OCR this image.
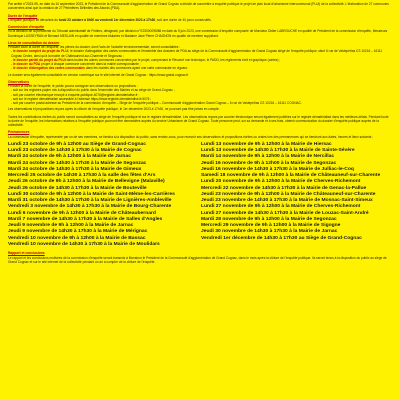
Par arrêté n°2023-95, en date du 10 septembre 2023, le Président de la Communauté d'agglomération de Grand Cognac a décidé de soumettre à enquête publique le projet de plan local d'urbanisme intercommunal (PLUi) de la collectivité. L'élaboration de 27 communes concernées ainsi que la création de 27 Périmètres Délimités des Abords (PDA).

Durée de l'enquête

L'enquête publique se déroulera du lundi 23 octobre à 8h00 au vendredi 1er décembre 2023 à 17h30, soit une durée de 40 jours consécutifs.

Commission d'enquête

Vu la décision de la présidente du Tribunal administratif de Poitiers, désignant, par décision n°E23000095/86 en date du 5 juin 2023, une commission d'enquête composée de Monsieur Didier LABROUCHE en qualité de Président de la commission d'enquête, Messieurs Dominique LUSSEYRAN et Bernard MESLAIN en qualité de membres titulaires et Madame Jane Pierre CHAGNON en qualité de membre suppléant.

Lieux de consultation du dossier

Pendant toute la durée de l'enquête, les pièces du dossier, dont l'avis de l'autorité environnementale, seront consultables :

- le dossier complet du projet du PLUi, le dossier d'abrogation des cartes communales et l'ensemble des dossiers de PDA au siège de la Communauté d'agglomération de Grand Cognac siège de l'enquête publique, situé 6 rue de Valdepeñas CS 10216 – 16111 Cognac Cedex, ainsi qu'à la mairie de Châteauneuf-sur-Charente et Segonzac ;
- le dossier partiel du projet du PLUi dans toutes les autres communes concernées par le projet, comprenant le Résumé non technique, le PADD, les règlements écrit et graphique (cartes) ;
- le dossier du PDA propre à chaque commune concernée dans la mairie correspondante ;
- le dossier d'abrogation des cartes communales dans les mairies des communes ayant une carte communale en vigueur.

Le dossier sera également consultable en version numérique sur le site internet de Grand Cognac : https://www.grand-cognac.fr

Observations

Pendant la durée de l'enquête, le public pourra consigner ses observations ou propositions :

- soit sur les registres papier mis à disposition du public dans l'ensemble des Mairies et au siège de Grand-Cognac ;
- soit par courrier électronique envoyé à enquete-publique-4076@registre-dematerialise.fr ;
- soit sur le registre dématérialisé accessible à l'adresse https://www.registre-dematerialise.fr/4076 ;
- soit par courrier postal adressé au Président de la commission d'enquête – Siège de l'enquête publique – Communauté d'agglomération Grand Cognac – 6 rue de Valdepeñas CS 10216 – 16111 COGNAC.

Les observations et propositions reçues après la clôture de l'enquête publique, le 1er décembre 2023 à 17h30, ne pourront pas être prises en compte.

Toutes les contributions écrites du public seront consultables au siège de l'enquête publique et sur le registre dématérialisé. Les observations reçues par courrier électronique seront également publiées sur le registre dématérialisé dans les meilleurs délais. Pendant toute la durée de l'enquête, les informations relatives à l'enquête publique pourront être demandées auprès du service Urbanisme de Grand Cognac. Toute personne peut, sur sa demande et à ses frais, obtenir communication du dossier d'enquête publique auprès de la collectivité.

Permanences

La commission d'enquête, représentée par un de ses membres, se tiendra à la disposition du public, sans rendez-vous, pour recevoir ses observations et propositions écrites ou orales lors des permanences qui se tiendront aux dates, heures et lieux suivants :

Lundi 23 octobre de 9h à 12h00 au Siège de Grand-Cognac
Lundi 23 octobre de 14h30 à 17h30 à la Mairie de Cognac
Mardi 24 octobre de 9h à 12h00 à la Mairie de Jarnac
Mardi 24 octobre de 14h30 à 17h30 à la Mairie de Segonzac
Mardi 24 octobre de 14h30 à 17h30 à la Mairie de Gimeux
Mercredi 25 octobre de 14h30 à 17h30 à la salle des fêtes d'Ars
Jeudi 26 octobre de 9h à 12h00 à la Mairie de Bellevigne (Malaville)
Jeudi 26 octobre de 14h30 à 17h30 à la Mairie de Bouteville
Lundi 30 octobre de 9h à 12h00 à la Mairie de Saint-Même-les-Carrières
Mardi 31 octobre de 14h30 à 17h30 à la Mairie de Lignières-Ambleville
Vendredi 3 novembre de 14h30 à 17h30 à la Mairie de Bourg-Charente
Lundi 6 novembre de 9h à 12h00 à la Mairie de Châteaubernard
Mardi 7 novembre de 14h30 à 17h30 à la Mairie de Salles d'Angles
Jeudi 9 novembre de 9h à 12h00 à la Mairie de Jarnac
Jeudi 9 novembre de 14h30 à 17h30 à la Mairie de Mérignac
Vendredi 10 novembre de 9h à 12h00 à la Mairie de Bassac
Vendredi 10 novembre de 14h30 à 17h30 à la Mairie de Moulidars
Lundi 13 novembre de 9h à 12h00 à la Mairie de Hiersac
Lundi 13 novembre de 14h30 à 17h30 à la Mairie de Sainte-Sévère
Mardi 14 novembre de 9h à 12h00 à la Mairie de Nercillac
Jeudi 16 novembre de 9h à 12h00 à la Mairie de Segonzac
Jeudi 16 novembre de 14h30 à 17h30 à la Mairie de Julliac-le-Coq
Samedi 18 novembre de 9h à 12h00 à la Mairie de Châteauneuf-sur-Charente
Lundi 20 novembre de 9h à 12h00 à la Mairie de Cherves-Richemont
Mercredi 22 novembre de 14h30 à 17h30 à la Mairie de Genac-la-Pallue
Jeudi 23 novembre de 9h à 12h00 à la Mairie de Châteauneuf-sur-Charente
Jeudi 23 novembre de 14h30 à 17h30 à la Mairie de Mosnac-Saint-Simeux
Lundi 27 novembre de 9h à 12h00 à la Mairie de Cherves-Richemont
Lundi 27 novembre de 14h30 à 17h30 à la Mairie de Louzac-Saint-André
Mardi 28 novembre de 9h à 12h00 à la Mairie de Segonzac
Mercredi 29 novembre de 9h à 12h00 à la Mairie de Sigogne
Jeudi 30 novembre de 14h30 à 17h30 à la Mairie de Jarnac
Vendredi 1er décembre de 14h30 à 17h30 au Siège de Grand-Cognac
Rapport et conclusions

Le rapport et les conclusions motivées de la commission d'enquête seront transmis à Monsieur le Président de la Communauté d'agglomération de Grand Cognac, dans le mois après la clôture de l'enquête publique. Ils seront tenus à la disposition du public au siège de Grand Cognac et sur le site internet de la collectivité pendant un an à compter de la clôture de l'enquête.
